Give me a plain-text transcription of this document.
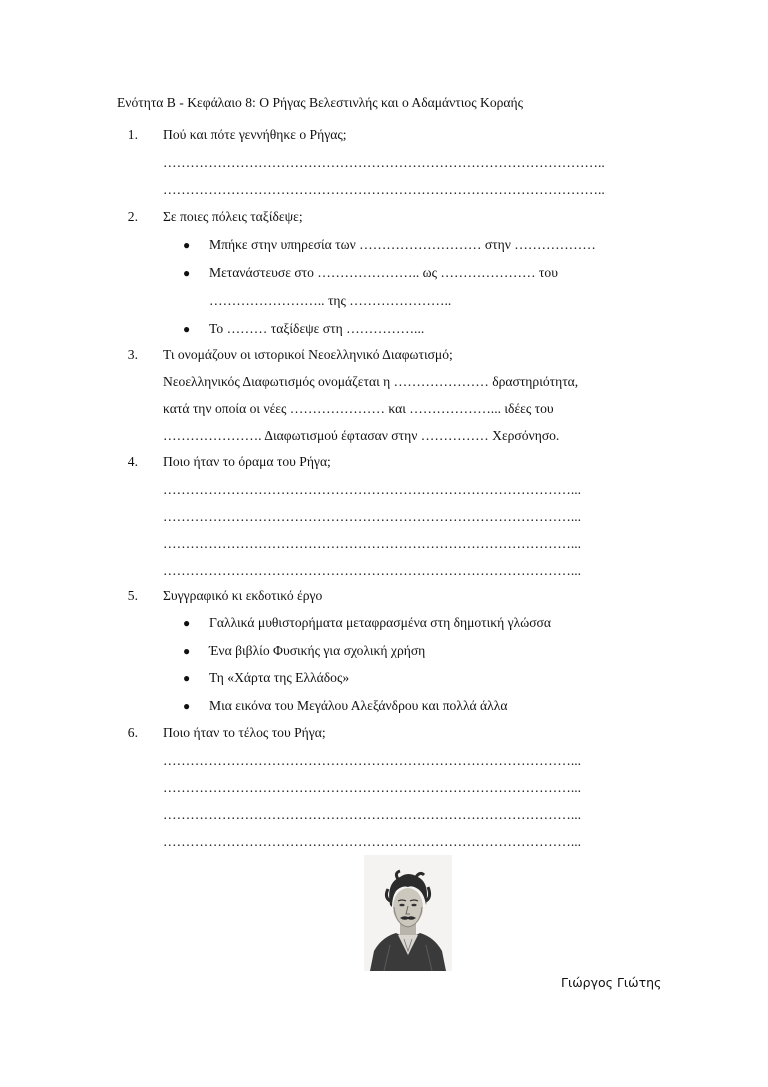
Ενότητα Β - Κεφάλαιο 8: Ο Ρήγας Βελεστινλής και ο Αδαμάντιος Κοραής
1. Πού και πότε γεννήθηκε ο Ρήγας;
……………………………………………………………………………………..
……………………………………………………………………………………..
2. Σε ποιες πόλεις ταξίδεψε;
● Μπήκε στην υπηρεσία των ……………………… στην ………………
● Μετανάστευσε στο ………………….. ως ………………… του
…………………….. της …………………..
● Το ……… ταξίδεψε στη ……………...
3. Τι ονομάζουν οι ιστορικοί Νεοελληνικό Διαφωτισμό;
Νεοελληνικός Διαφωτισμός ονομάζεται η ………………… δραστηριότητα,
κατά την οποία οι νέες ………………… και ………………... ιδέες του
…………………. Διαφωτισμού έφτασαν στην …………… Χερσόνησο.
4. Ποιο ήταν το όραμα του Ρήγα;
………………………………………………………………………………...
………………………………………………………………………………...
………………………………………………………………………………...
………………………………………………………………………………...
5. Συγγραφικό κι εκδοτικό έργο
● Γαλλικά μυθιστορήματα μεταφρασμένα στη δημοτική γλώσσα
● Ένα βιβλίο Φυσικής για σχολική χρήση
● Τη «Χάρτα της Ελλάδος»
● Μια εικόνα του Μεγάλου Αλεξάνδρου και πολλά άλλα
6. Ποιο ήταν το τέλος του Ρήγα;
………………………………………………………………………………...
………………………………………………………………………………...
………………………………………………………………………………...
………………………………………………………………………………...
Γιώργος Γιώτης
